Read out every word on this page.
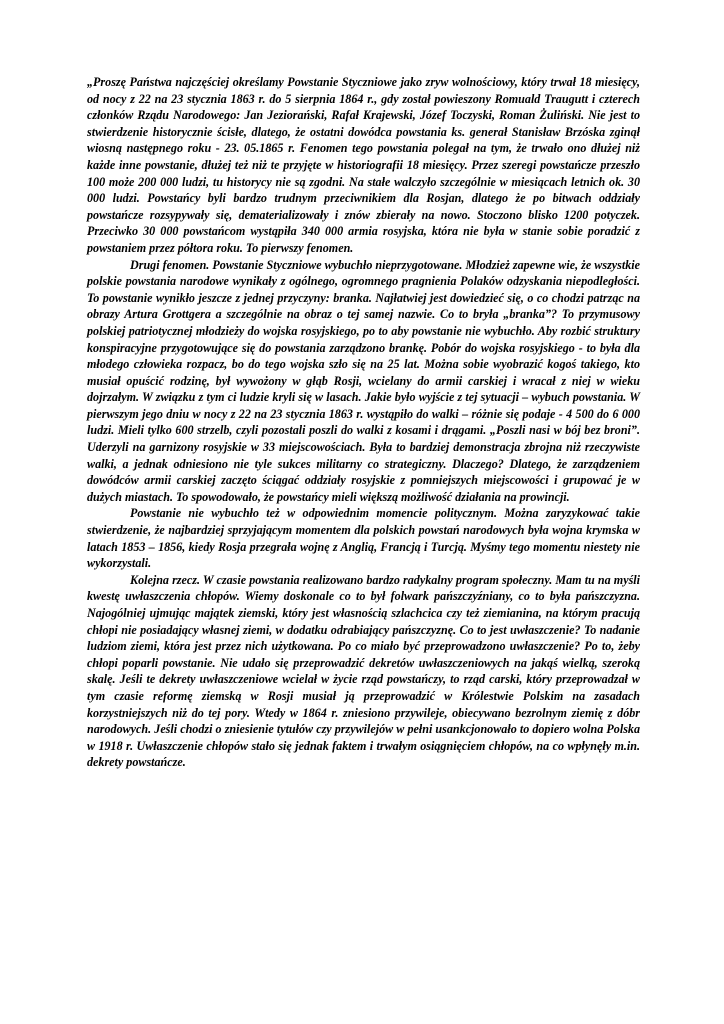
„Proszę Państwa najczęściej określamy Powstanie Styczniowe jako zryw wolnościowy, który trwał 18 miesięcy, od nocy z 22 na 23 stycznia 1863 r. do 5 sierpnia 1864 r., gdy został powieszony Romuald Traugutt i czterech członków Rządu Narodowego: Jan Jeziorański, Rafał Krajewski, Józef Toczyski, Roman Żuliński. Nie jest to stwierdzenie historycznie ścisłe, dlatego, że ostatni dowódca powstania ks. generał Stanisław Brzóska zginął wiosną następnego roku - 23. 05.1865 r. Fenomen tego powstania polegał na tym, że trwało ono dłużej niż każde inne powstanie, dłużej też niż te przyjęte w historiografii 18 miesięcy. Przez szeregi powstańcze przeszło 100 może 200 000 ludzi, tu historycy nie są zgodni. Na stałe walczyło szczególnie w miesiącach letnich ok. 30 000 ludzi. Powstańcy byli bardzo trudnym przeciwnikiem dla Rosjan, dlatego że po bitwach oddziały powstańcze rozsypywały się, dematerializowały i znów zbierały na nowo. Stoczono blisko 1200 potyczek. Przeciwko 30 000 powstańcom wystąpiła 340 000 armia rosyjska, która nie była w stanie sobie poradzić z powstaniem przez półtora roku. To pierwszy fenomen.

Drugi fenomen. Powstanie Styczniowe wybuchło nieprzygotowane. Młodzież zapewne wie, że wszystkie polskie powstania narodowe wynikały z ogólnego, ogromnego pragnienia Polaków odzyskania niepodległości. To powstanie wynikło jeszcze z jednej przyczyny: branka. Najłatwiej jest dowiedzieć się, o co chodzi patrząc na obrazy Artura Grottgera a szczególnie na obraz o tej samej nazwie. Co to bryła „branka”? To przymusowy polskiej patriotycznej młodzieży do wojska rosyjskiego, po to aby powstanie nie wybuchło. Aby rozbić struktury konspiracyjne przygotowujące się do powstania zarządzono brankę. Pobór do wojska rosyjskiego - to była dla młodego człowieka rozpacz, bo do tego wojska szło się na 25 lat. Można sobie wyobrazić kogoś takiego, kto musiał opuścić rodzinę, był wywożony w głąb Rosji, wcielany do armii carskiej i wracał z niej w wieku dojrzałym. W związku z tym ci ludzie kryli się w lasach. Jakie było wyjście z tej sytuacji – wybuch powstania. W pierwszym jego dniu w nocy z 22 na 23 stycznia 1863 r. wystąpiło do walki – różnie się podaje - 4 500 do 6 000 ludzi. Mieli tylko 600 strzelb, czyli pozostali poszli do walki z kosami i drągami. „Poszli nasi w bój bez broni”. Uderzyli na garnizony rosyjskie w 33 miejscowościach. Była to bardziej demonstracja zbrojna niż rzeczywiste walki, a jednak odniesiono nie tyle sukces militarny co strategiczny. Dlaczego? Dlatego, że zarządzeniem dowódców armii carskiej zaczęto ściągać oddziały rosyjskie z pomniejszych miejscowości i grupować je w dużych miastach. To spowodowało, że powstańcy mieli większą możliwość działania na prowincji.

Powstanie nie wybuchło też w odpowiednim momencie politycznym. Można zaryzykować takie stwierdzenie, że najbardziej sprzyjającym momentem dla polskich powstań narodowych była wojna krymska w latach 1853 – 1856, kiedy Rosja przegrała wojnę z Anglią, Francją i Turcją. Myśmy tego momentu niestety nie wykorzystali.

Kolejna rzecz. W czasie powstania realizowano bardzo radykalny program społeczny. Mam tu na myśli kwestę uwłaszczenia chłopów. Wiemy doskonale co to był folwark pańszczyźniany, co to była pańszczyzna. Najogólniej ujmując majątek ziemski, który jest własnością szlachcica czy też ziemianina, na którym pracują chłopi nie posiadający własnej ziemi, w dodatku odrabiający pańszczyznę. Co to jest uwłaszczenie? To nadanie ludziom ziemi, która jest przez nich użytkowana. Po co miało być przeprowadzono uwłaszczenie? Po to, żeby chłopi poparli powstanie. Nie udało się przeprowadzić dekretów uwłaszczeniowych na jakąś wielką, szeroką skalę. Jeśli te dekrety uwłaszczeniowe wcielał w życie rząd powstańczy, to rząd carski, który przeprowadzał w tym czasie reformę ziemską w Rosji musiał ją przeprowadzić w Królestwie Polskim na zasadach korzystniejszych niż do tej pory. Wtedy w 1864 r. zniesiono przywileje, obiecywano bezrolnym ziemię z dóbr narodowych. Jeśli chodzi o zniesienie tytułów czy przywilejów w pełni usankcjonowało to dopiero wolna Polska w 1918 r. Uwłaszczenie chłopów stało się jednak faktem i trwałym osiągnięciem chłopów, na co wpłynęły m.in. dekrety powstańcze.
